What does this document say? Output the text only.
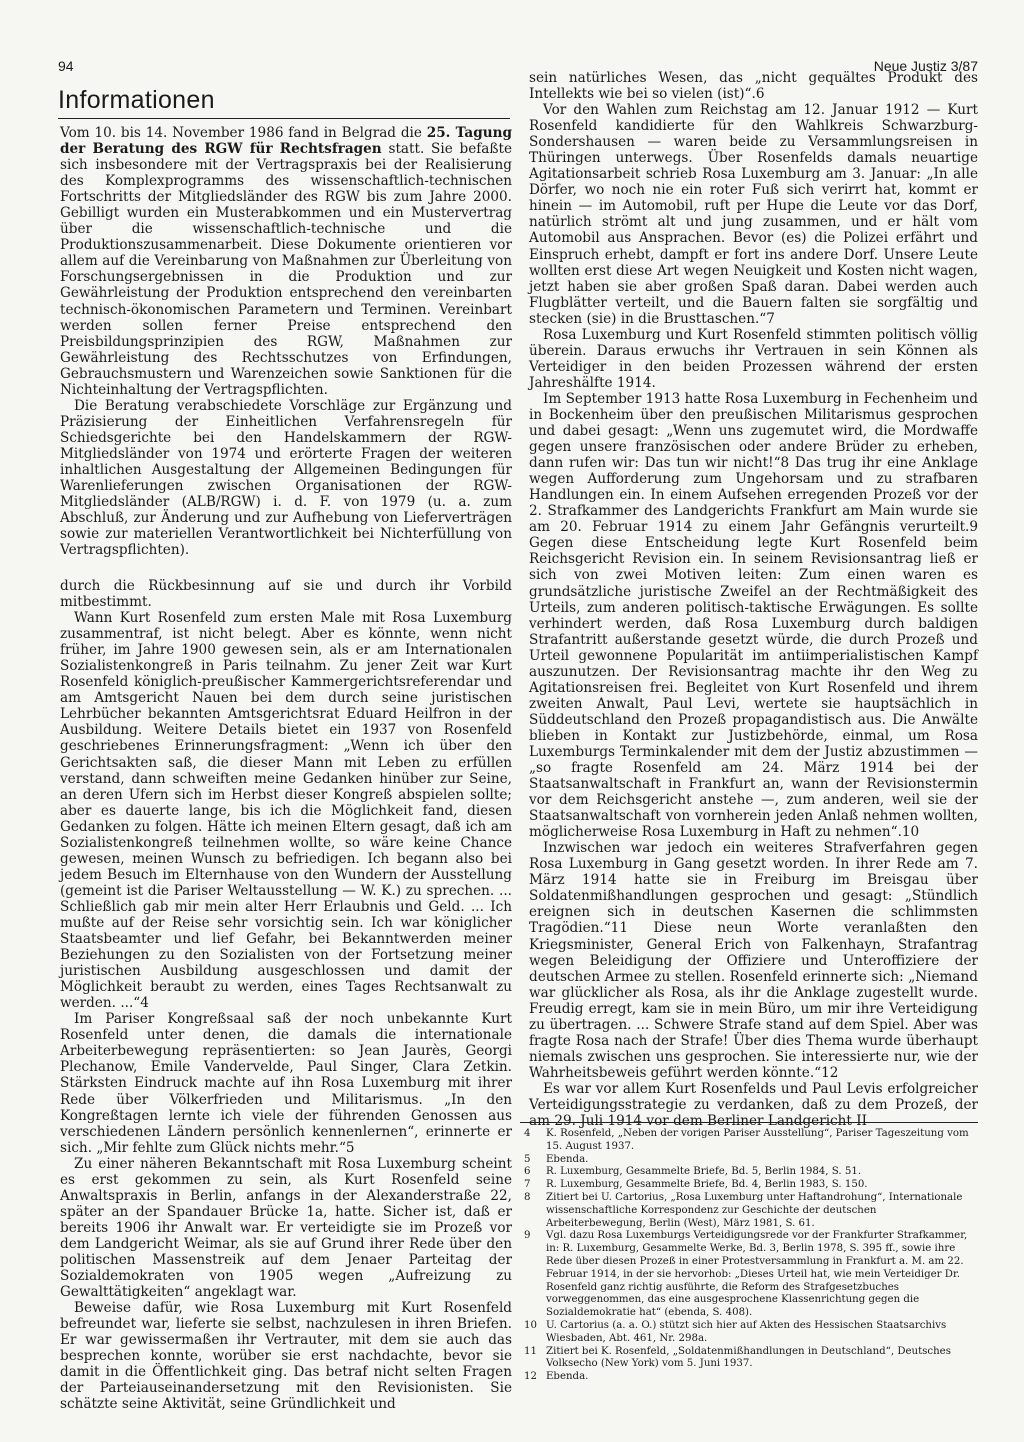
94	Neue Justiz 3/87
Informationen

Vom 10. bis 14. November 1986 fand in Belgrad die 25. Tagung der Beratung des RGW für Rechtsfragen statt. Sie befaßte sich insbesondere mit der Vertragspraxis bei der Realisierung des Komplexprogramms des wissenschaftlich-technischen Fortschritts der Mitgliedsländer des RGW bis zum Jahre 2000. Gebilligt wurden ein Musterabkommen und ein Mustervertrag über die wissenschaftlich-technische und die Produktionszusammenarbeit. Diese Dokumente orientieren vor allem auf die Vereinbarung von Maßnahmen zur Überleitung von Forschungsergebnissen in die Produktion und zur Gewährleistung der Produktion entsprechend den vereinbarten technisch-ökonomischen Parametern und Terminen. Vereinbart werden sollen ferner Preise entsprechend den Preisbildungsprinzipien des RGW, Maßnahmen zur Gewährleistung des Rechtsschutzes von Erfindungen, Gebrauchsmustern und Warenzeichen sowie Sanktionen für die Nichteinhaltung der Vertragspflichten.

Die Beratung verabschiedete Vorschläge zur Ergänzung und Präzisierung der Einheitlichen Verfahrensregeln für Schiedsgerichte bei den Handelskammern der RGW-Mitgliedsländer von 1974 und erörterte Fragen der weiteren inhaltlichen Ausgestaltung der Allgemeinen Bedingungen für Warenlieferungen zwischen Organisationen der RGW-Mitgliedsländer (ALB/RGW) i. d. F. von 1979 (u. a. zum Abschluß, zur Änderung und zur Aufhebung von Lieferverträgen sowie zur materiellen Verantwortlichkeit bei Nichterfüllung von Vertragspflichten).

durch die Rückbesinnung auf sie und durch ihr Vorbild mitbestimmt.

Wann Kurt Rosenfeld zum ersten Male mit Rosa Luxemburg zusammentraf, ist nicht belegt. Aber es könnte, wenn nicht früher, im Jahre 1900 gewesen sein, als er am Internationalen Sozialistenkongreß in Paris teilnahm. Zu jener Zeit war Kurt Rosenfeld königlich-preußischer Kammergerichtsreferendar und am Amtsgericht Nauen bei dem durch seine juristischen Lehrbücher bekannten Amtsgerichtsrat Eduard Heilfron in der Ausbildung. Weitere Details bietet ein 1937 von Rosenfeld geschriebenes Erinnerungsfragment: „Wenn ich über den Gerichtsakten saß, die dieser Mann mit Leben zu erfüllen verstand, dann schweiften meine Gedanken hinüber zur Seine, an deren Ufern sich im Herbst dieser Kongreß abspielen sollte; aber es dauerte lange, bis ich die Möglichkeit fand, diesen Gedanken zu folgen. Hätte ich meinen Eltern gesagt, daß ich am Sozialistenkongreß teilnehmen wollte, so wäre keine Chance gewesen, meinen Wunsch zu befriedigen. Ich begann also bei jedem Besuch im Elternhause von den Wundern der Ausstellung (gemeint ist die Pariser Weltausstellung — W. K.) zu sprechen. ... Schließlich gab mir mein alter Herr Erlaubnis und Geld. ... Ich mußte auf der Reise sehr vorsichtig sein. Ich war königlicher Staatsbeamter und lief Gefahr, bei Bekanntwerden meiner Beziehungen zu den Sozialisten von der Fortsetzung meiner juristischen Ausbildung ausgeschlossen und damit der Möglichkeit beraubt zu werden, eines Tages Rechtsanwalt zu werden. ...“4

Im Pariser Kongreßsaal saß der noch unbekannte Kurt Rosenfeld unter denen, die damals die internationale Arbeiterbewegung repräsentierten: so Jean Jaurès, Georgi Plechanow, Emile Vandervelde, Paul Singer, Clara Zetkin. Stärksten Eindruck machte auf ihn Rosa Luxemburg mit ihrer Rede über Völkerfrieden und Militarismus. „In den Kongreßtagen lernte ich viele der führenden Genossen aus verschiedenen Ländern persönlich kennenlernen“, erinnerte er sich. „Mir fehlte zum Glück nichts mehr.“5

Zu einer näheren Bekanntschaft mit Rosa Luxemburg scheint es erst gekommen zu sein, als Kurt Rosenfeld seine Anwaltspraxis in Berlin, anfangs in der Alexanderstraße 22, später an der Spandauer Brücke 1a, hatte. Sicher ist, daß er bereits 1906 ihr Anwalt war. Er verteidigte sie im Prozeß vor dem Landgericht Weimar, als sie auf Grund ihrer Rede über den politischen Massenstreik auf dem Jenaer Parteitag der Sozialdemokraten von 1905 wegen „Aufreizung zu Gewalttätigkeiten“ angeklagt war.

Beweise dafür, wie Rosa Luxemburg mit Kurt Rosenfeld befreundet war, lieferte sie selbst, nachzulesen in ihren Briefen. Er war gewissermaßen ihr Vertrauter, mit dem sie auch das besprechen konnte, worüber sie erst nachdachte, bevor sie damit in die Öffentlichkeit ging. Das betraf nicht selten Fragen der Parteiauseinandersetzung mit den Revisionisten. Sie schätzte seine Aktivität, seine Gründlichkeit und

sein natürliches Wesen, das „nicht gequältes Produkt des Intellekts wie bei so vielen (ist)“.6

Vor den Wahlen zum Reichstag am 12. Januar 1912 — Kurt Rosenfeld kandidierte für den Wahlkreis Schwarzburg-Sondershausen — waren beide zu Versammlungsreisen in Thüringen unterwegs. Über Rosenfelds damals neuartige Agitationsarbeit schrieb Rosa Luxemburg am 3. Januar: „In alle Dörfer, wo noch nie ein roter Fuß sich verirrt hat, kommt er hinein — im Automobil, ruft per Hupe die Leute vor das Dorf, natürlich strömt alt und jung zusammen, und er hält vom Automobil aus Ansprachen. Bevor (es) die Polizei erfährt und Einspruch erhebt, dampft er fort ins andere Dorf. Unsere Leute wollten erst diese Art wegen Neuigkeit und Kosten nicht wagen, jetzt haben sie aber großen Spaß daran. Dabei werden auch Flugblätter verteilt, und die Bauern falten sie sorgfältig und stecken (sie) in die Brusttaschen.“7

Rosa Luxemburg und Kurt Rosenfeld stimmten politisch völlig überein. Daraus erwuchs ihr Vertrauen in sein Können als Verteidiger in den beiden Prozessen während der ersten Jahreshälfte 1914.

Im September 1913 hatte Rosa Luxemburg in Fechenheim und in Bockenheim über den preußischen Militarismus gesprochen und dabei gesagt: „Wenn uns zugemutet wird, die Mordwaffe gegen unsere französischen oder andere Brüder zu erheben, dann rufen wir: Das tun wir nicht!“8 Das trug ihr eine Anklage wegen Aufforderung zum Ungehorsam und zu strafbaren Handlungen ein. In einem Aufsehen erregenden Prozeß vor der 2. Strafkammer des Landgerichts Frankfurt am Main wurde sie am 20. Februar 1914 zu einem Jahr Gefängnis verurteilt.9 Gegen diese Entscheidung legte Kurt Rosenfeld beim Reichsgericht Revision ein. In seinem Revisionsantrag ließ er sich von zwei Motiven leiten: Zum einen waren es grundsätzliche juristische Zweifel an der Rechtmäßigkeit des Urteils, zum anderen politisch-taktische Erwägungen. Es sollte verhindert werden, daß Rosa Luxemburg durch baldigen Strafantritt außerstande gesetzt würde, die durch Prozeß und Urteil gewonnene Popularität im antiimperialistischen Kampf auszunutzen. Der Revisionsantrag machte ihr den Weg zu Agitationsreisen frei. Begleitet von Kurt Rosenfeld und ihrem zweiten Anwalt, Paul Levi, wertete sie hauptsächlich in Süddeutschland den Prozeß propagandistisch aus. Die Anwälte blieben in Kontakt zur Justizbehörde, einmal, um Rosa Luxemburgs Terminkalender mit dem der Justiz abzustimmen — „so fragte Rosenfeld am 24. März 1914 bei der Staatsanwaltschaft in Frankfurt an, wann der Revisionstermin vor dem Reichsgericht anstehe —, zum anderen, weil sie der Staatsanwaltschaft von vornherein jeden Anlaß nehmen wollten, möglicherweise Rosa Luxemburg in Haft zu nehmen“.10

Inzwischen war jedoch ein weiteres Strafverfahren gegen Rosa Luxemburg in Gang gesetzt worden. In ihrer Rede am 7. März 1914 hatte sie in Freiburg im Breisgau über Soldatenmißhandlungen gesprochen und gesagt: „Stündlich ereignen sich in deutschen Kasernen die schlimmsten Tragödien.“11 Diese neun Worte veranlaßten den Kriegsminister, General Erich von Falkenhayn, Strafantrag wegen Beleidigung der Offiziere und Unteroffiziere der deutschen Armee zu stellen. Rosenfeld erinnerte sich: „Niemand war glücklicher als Rosa, als ihr die Anklage zugestellt wurde. Freudig erregt, kam sie in mein Büro, um mir ihre Verteidigung zu übertragen. ... Schwere Strafe stand auf dem Spiel. Aber was fragte Rosa nach der Strafe! Über dies Thema wurde überhaupt niemals zwischen uns gesprochen. Sie interessierte nur, wie der Wahrheitsbeweis geführt werden könnte.“12

Es war vor allem Kurt Rosenfelds und Paul Levis erfolgreicher Verteidigungsstrategie zu verdanken, daß zu dem Prozeß, der am 29. Juli 1914 vor dem Berliner Landgericht II

4	K. Rosenfeld, „Neben der vorigen Pariser Ausstellung“, Pariser Tageszeitung vom 15. August 1937.
5	Ebenda.
6	R. Luxemburg, Gesammelte Briefe, Bd. 5, Berlin 1984, S. 51.
7	R. Luxemburg, Gesammelte Briefe, Bd. 4, Berlin 1983, S. 150.
8	Zitiert bei U. Cartorius, „Rosa Luxemburg unter Haftandrohung“, Internationale wissenschaftliche Korrespondenz zur Geschichte der deutschen Arbeiterbewegung, Berlin (West), März 1981, S. 61.
9	Vgl. dazu Rosa Luxemburgs Verteidigungsrede vor der Frankfurter Strafkammer, in: R. Luxemburg, Gesammelte Werke, Bd. 3, Berlin 1978, S. 395 ff., sowie ihre Rede über diesen Prozeß in einer Protestversammlung in Frankfurt a. M. am 22. Februar 1914, in der sie hervorhob: „Dieses Urteil hat, wie mein Verteidiger Dr. Rosenfeld ganz richtig ausführte, die Reform des Strafgesetzbuches vorweggenommen, das eine ausgesprochene Klassenrichtung gegen die Sozialdemokratie hat“ (ebenda, S. 408).
10 U. Cartorius (a. a. O.) stützt sich hier auf Akten des Hessischen Staatsarchivs Wiesbaden, Abt. 461, Nr. 298a.
11 Zitiert bei K. Rosenfeld, „Soldatenmißhandlungen in Deutschland“, Deutsches Volksecho (New York) vom 5. Juni 1937.
12 Ebenda.
